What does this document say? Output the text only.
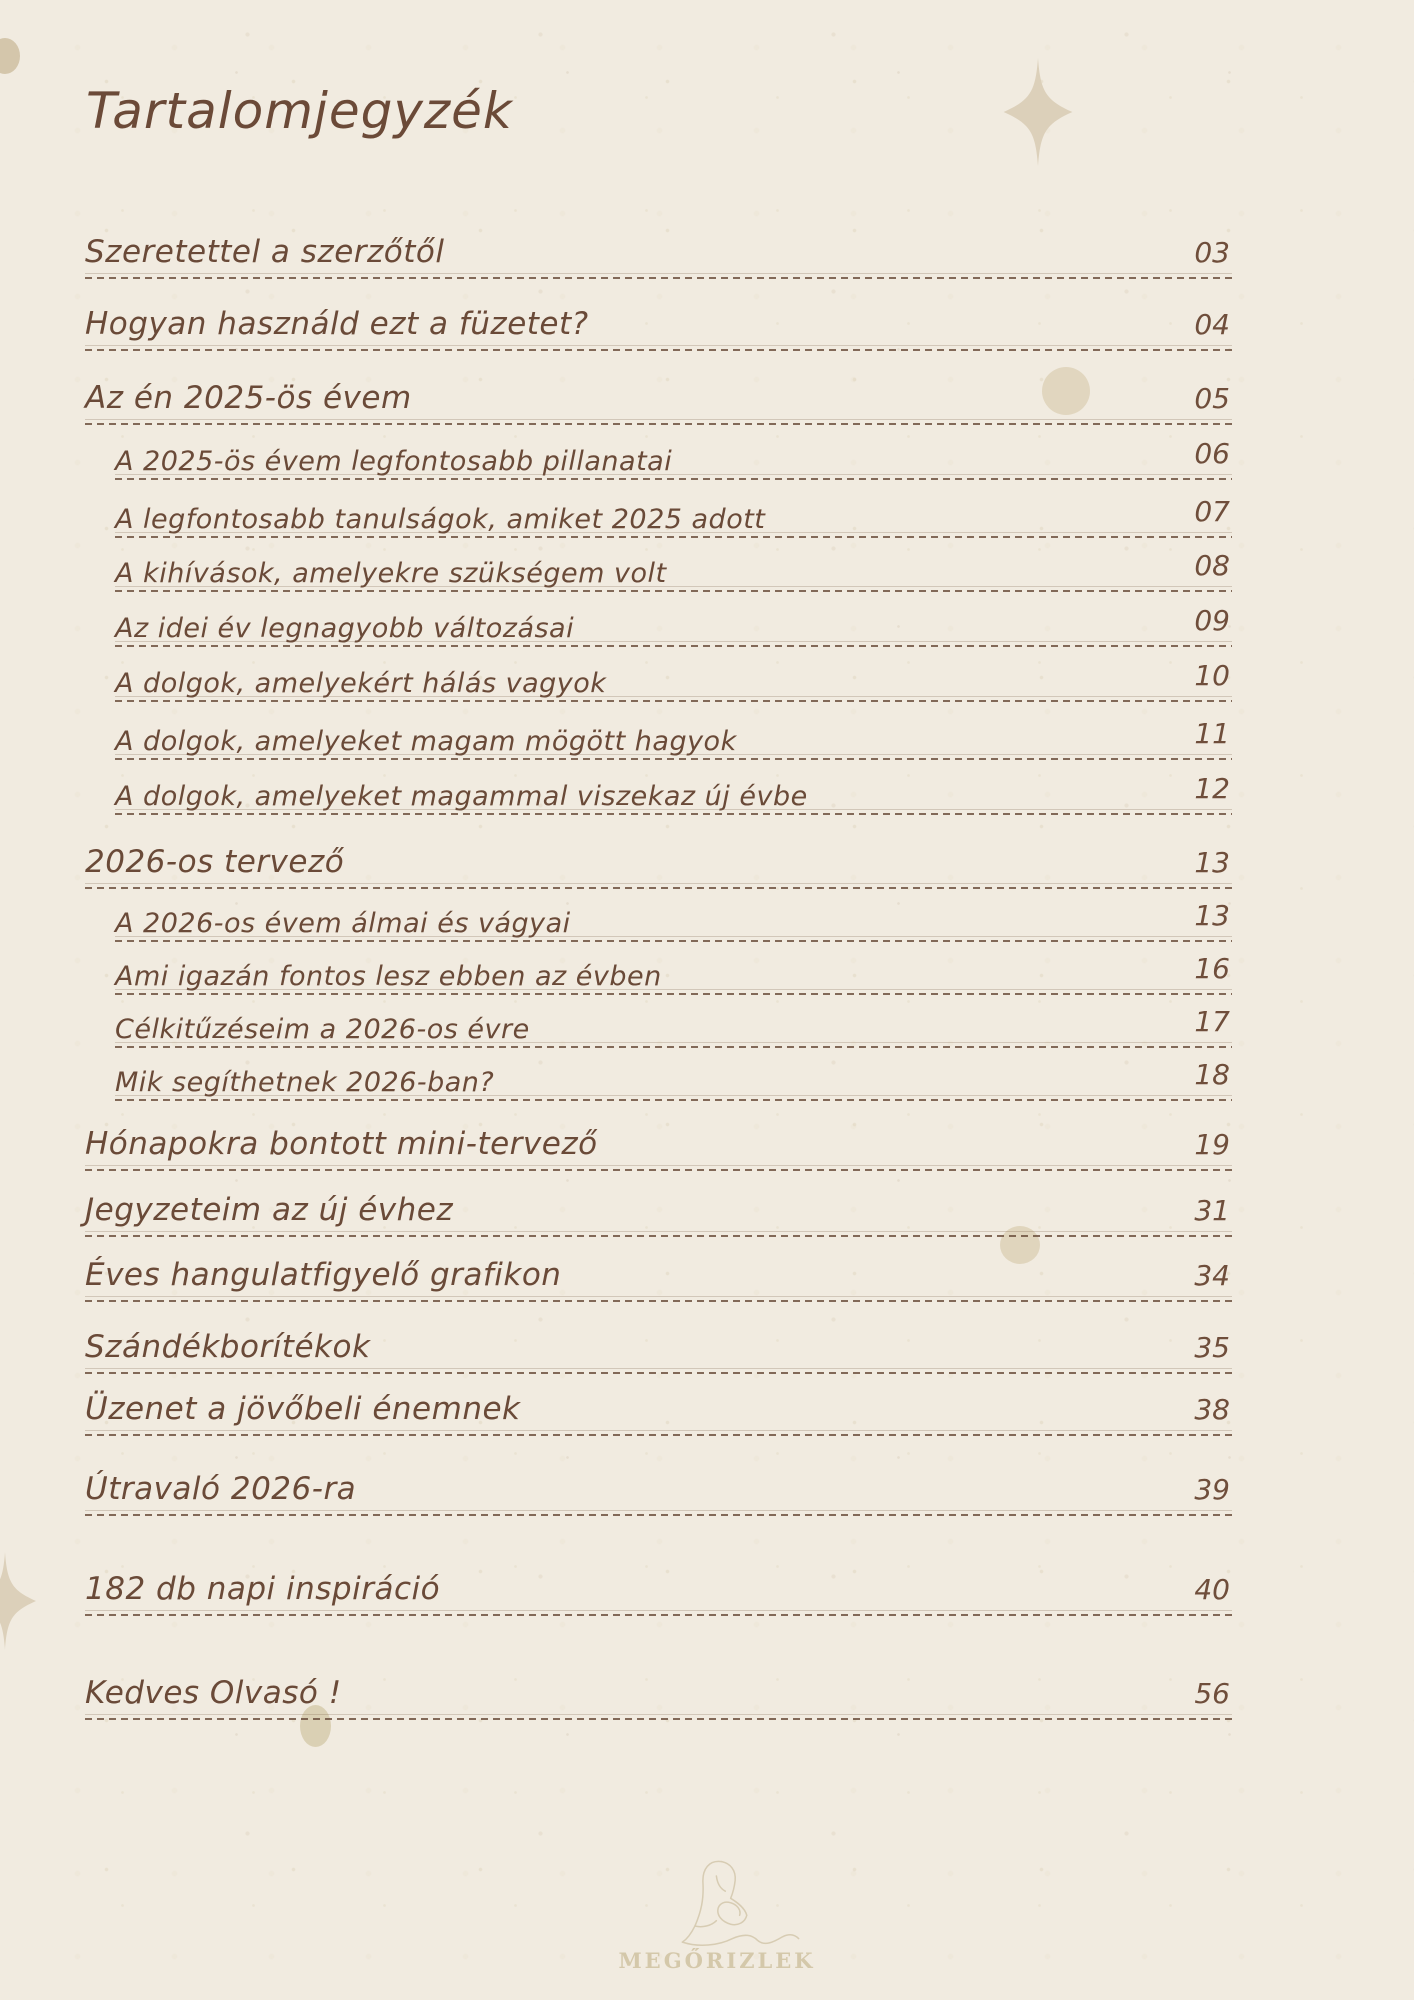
Tartalomjegyzék
Szeretettel a szerzőtől	03
Hogyan használd ezt a füzetet?	04
Az én 2025-ös évem	05
A 2025-ös évem legfontosabb pillanatai	06
A legfontosabb tanulságok, amiket 2025 adott	07
A kihívások, amelyekre szükségem volt	08
Az idei év legnagyobb változásai	09
A dolgok, amelyekért hálás vagyok	10
A dolgok, amelyeket magam mögött hagyok	11
A dolgok, amelyeket magammal viszekaz új évbe	12
2026-os tervező	13
A 2026-os évem álmai és vágyai	13
Ami igazán fontos lesz ebben az évben	16
Célkitűzéseim a 2026-os évre	17
Mik segíthetnek 2026-ban?	18
Hónapokra bontott mini-tervező	19
Jegyzeteim az új évhez	31
Éves hangulatfigyelő grafikon	34
Szándékborítékok	35
Üzenet a jövőbeli énemnek	38
Útravaló 2026-ra	39
182 db napi inspiráció	40
Kedves Olvasó !	56
MEGŐRIZLEK
